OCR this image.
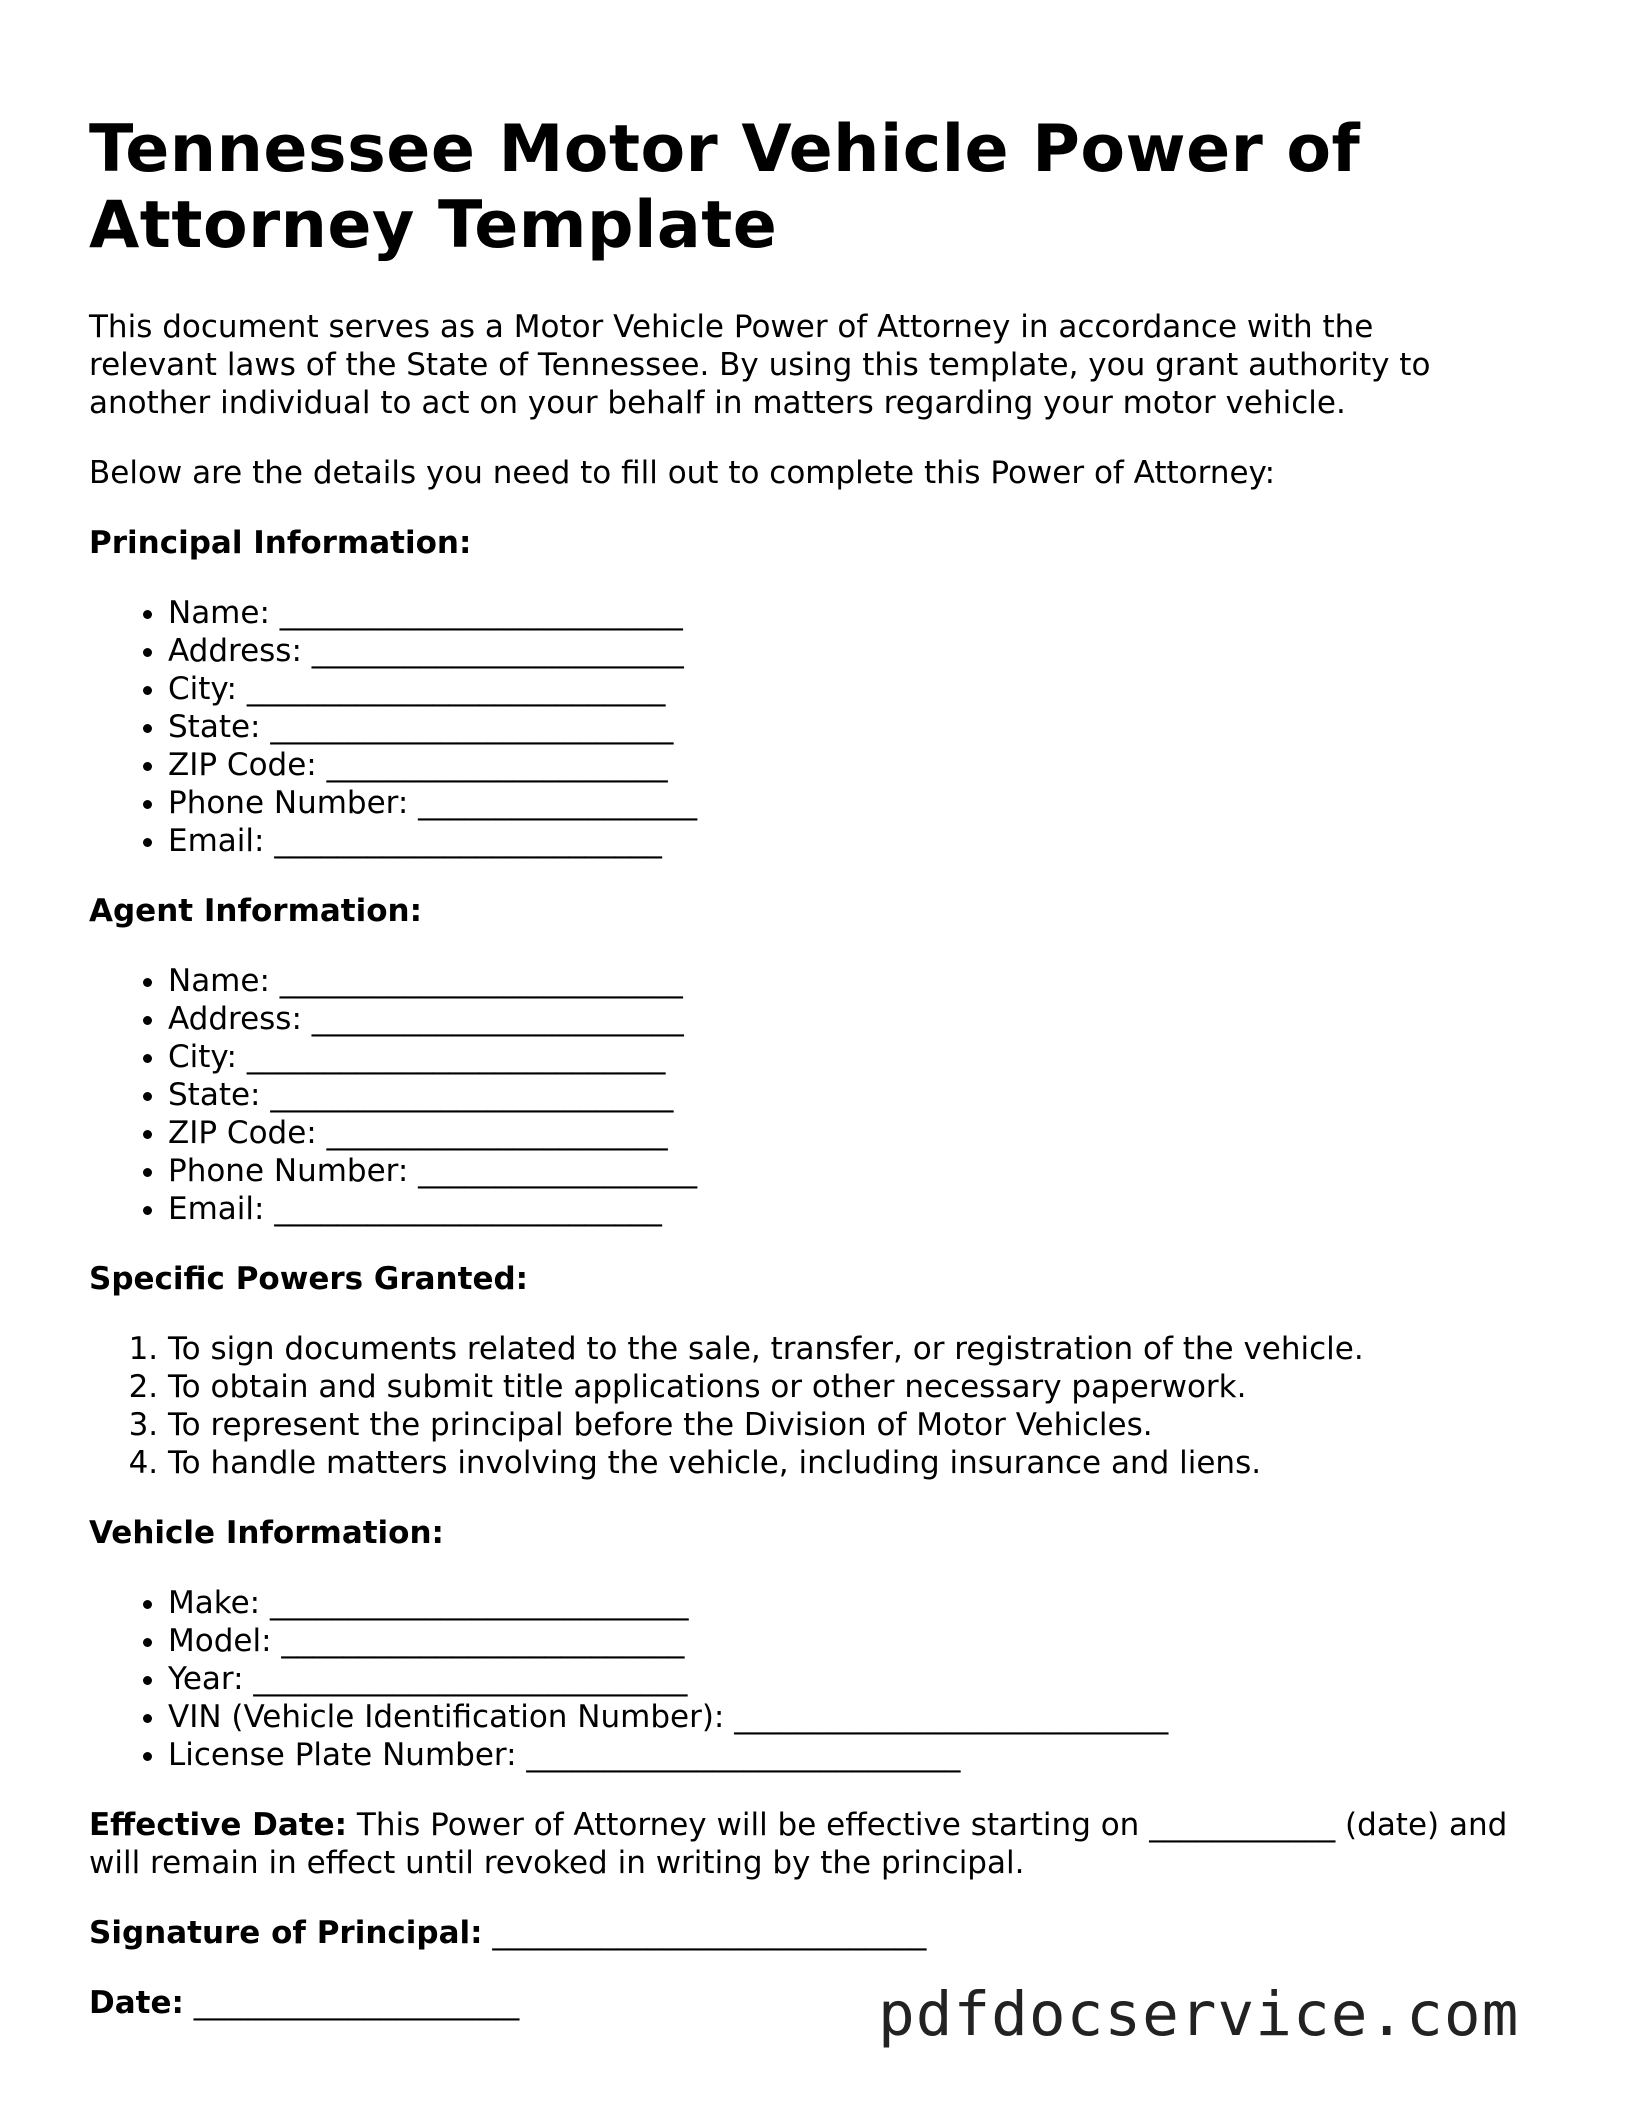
Tennessee Motor Vehicle Power of Attorney Template

This document serves as a Motor Vehicle Power of Attorney in accordance with the relevant laws of the State of Tennessee. By using this template, you grant authority to another individual to act on your behalf in matters regarding your motor vehicle.

Below are the details you need to fill out to complete this Power of Attorney:

Principal Information:
• Name: __________________________
• Address: ________________________
• City: ___________________________
• State: __________________________
• ZIP Code: ______________________
• Phone Number: __________________
• Email: _________________________
Agent Information:
• Name: __________________________
• Address: ________________________
• City: ___________________________
• State: __________________________
• ZIP Code: ______________________
• Phone Number: __________________
• Email: _________________________
Specific Powers Granted:
1. To sign documents related to the sale, transfer, or registration of the vehicle.
2. To obtain and submit title applications or other necessary paperwork.
3. To represent the principal before the Division of Motor Vehicles.
4. To handle matters involving the vehicle, including insurance and liens.
Vehicle Information:
• Make: ___________________________
• Model: __________________________
• Year: ____________________________
• VIN (Vehicle Identification Number): ____________________________
• License Plate Number: ____________________________

Effective Date: This Power of Attorney will be effective starting on ____________ (date) and will remain in effect until revoked in writing by the principal.

Signature of Principal: ____________________________

Date: _____________________	pdfdocservice.com
